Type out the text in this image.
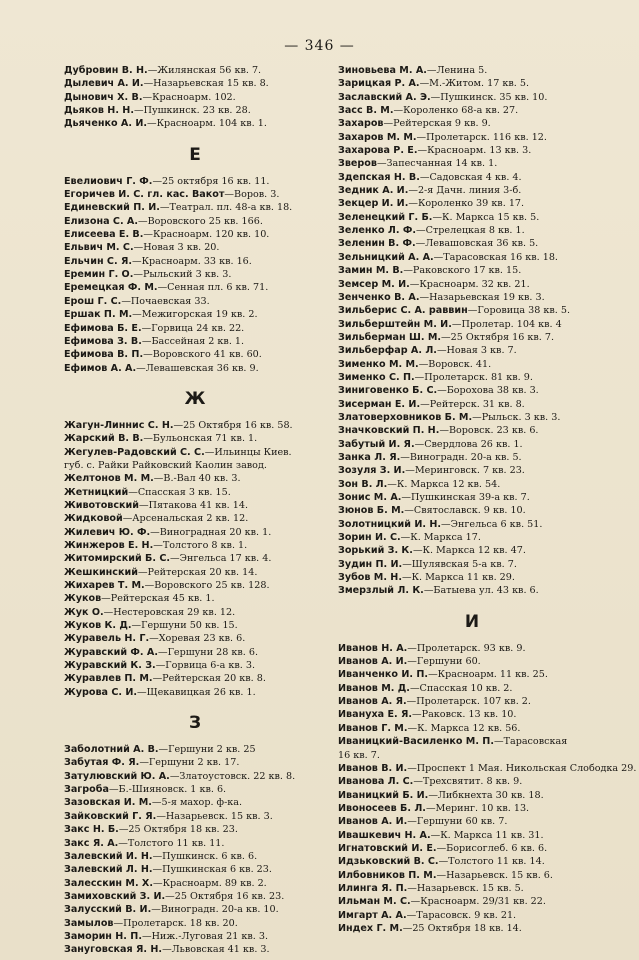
— 346 —
Дубровин В. Н.—Жилянская 56 кв. 7.
Дылевич А. И.—Назарьевская 15 кв. 8.
Дынович Х. В.—Красноарм. 102.
Дьяков Н. Н.—Пушкинск. 23 кв. 28.
Дьяченко А. И.—Красноарм. 104 кв. 1.
Е
Евелиович Г. Ф.—25 октября 16 кв. 11.
Егоричев И. С. гл. кас. Вакот—Воров. 3.
Единевский П. И.—Театрал. пл. 48-а кв. 18.
Елизона С. А.—Воровского 25 кв. 166.
Елисеева Е. В.—Красноарм. 120 кв. 10.
Ельвич М. С.—Новая 3 кв. 20.
Ельчин С. Я.—Красноарм. 33 кв. 16.
Еремин Г. О.—Рыльский 3 кв. 3.
Еремецкая Ф. М.—Сенная пл. 6 кв. 71.
Ерош Г. С.—Почаевская 33.
Ершак П. М.—Межигорская 19 кв. 2.
Ефимова Б. Е.—Горвица 24 кв. 22.
Ефимова З. В.—Бассейная 2 кв. 1.
Ефимова В. П.—Воровского 41 кв. 60.
Ефимов А. А.—Левашевская 36 кв. 9.
Ж
Жагун-Линнис С. Н.—25 Октября 16 кв. 58.
Жарский В. В.—Бульонская 71 кв. 1.
Жегулев-Радовский С. С.—Ильинцы Киев.
губ. с. Райки Райковский Каолин завод.
Желтонов М. М.—В.-Вал 40 кв. 3.
Жетницкий—Спасская 3 кв. 15.
Животовский—Пятакова 41 кв. 14.
Жидковой—Арсенальская 2 кв. 12.
Жилевич Ю. Ф.—Виноградная 20 кв. 1.
Жинжеров Е. Н.—Толстого 8 кв. 1.
Житомирский Б. С.—Энгельса 17 кв. 4.
Жешкинский—Рейтерская 20 кв. 14.
Жихарев Т. М.—Воровского 25 кв. 128.
Жуков—Рейтерская 45 кв. 1.
Жук О.—Нестеровская 29 кв. 12.
Жуков К. Д.—Гершуни 50 кв. 15.
Журавель Н. Г.—Хоревая 23 кв. 6.
Журавский Ф. А.—Гершуни 28 кв. 6.
Журавский К. З.—Горвица 6-а кв. 3.
Журавлев П. М.—Рейтерская 20 кв. 8.
Журова С. И.—Щекавицкая 26 кв. 1.
З
Заболотний А. В.—Гершуни 2 кв. 25
Забутая Ф. Я.—Гершуни 2 кв. 17.
Затулювский Ю. А.—Златоустовск. 22 кв. 8.
Загроба—Б.-Шияновск. 1 кв. 6.
Зазовская И. М.—5-я махор. ф-ка.
Зайковский Г. Я.—Назарьевск. 15 кв. 3.
Закс Н. Б.—25 Октября 18 кв. 23.
Закс Я. А.—Толстого 11 кв. 11.
Залевский И. Н.—Пушкинск. 6 кв. 6.
Залевский Л. Н.—Пушкинская 6 кв. 23.
Залесскин М. Х.—Красноарм. 89 кв. 2.
Замиховский З. И.—25 Октября 16 кв. 23.
Залусский В. И.—Виноградн. 20-а кв. 10.
Замылов—Пролетарск. 18 кв. 20.
Заморин Н. П.—Ниж.-Луговая 21 кв. 3.
Зануговская Я. Н.—Львовская 41 кв. 3.
Зиновьева М. А.—Ленина 5.
Зарицкая Р. А.—М.-Житом. 17 кв. 5.
Заславский А. Э.—Пушкинск. 35 кв. 10.
Засс В. М.—Короленко 68-а кв. 27.
Захаров—Рейтерская 9 кв. 9.
Захаров М. М.—Пролетарск. 116 кв. 12.
Захарова Р. Е.—Красноарм. 13 кв. 3.
Зверов—Запесчанная 14 кв. 1.
Здепская Н. В.—Садовская 4 кв. 4.
Зедник А. И.—2-я Дачн. линия 3-б.
Зекцер И. И.—Короленко 39 кв. 17.
Зеленецкий Г. Б.—К. Маркса 15 кв. 5.
Зеленко Л. Ф.—Стрелецкая 8 кв. 1.
Зеленин В. Ф.—Левашовская 36 кв. 5.
Зельницкий А. А.—Тарасовская 16 кв. 18.
Замин М. В.—Раковского 17 кв. 15.
Земсер М. И.—Красноарм. 32 кв. 21.
Зенченко В. А.—Назарьевская 19 кв. 3.
Зильберис С. А. раввин—Горовица 38 кв. 5.
Зильберштейн М. И.—Пролетар. 104 кв. 4
Зильберман Ш. М.—25 Октября 16 кв. 7.
Зильберфар А. Л.—Новая 3 кв. 7.
Зименко М. М.—Воровск. 41.
Зименко С. П.—Пролетарск. 81 кв. 9.
Зиниговенко Б. С.—Борохова 38 кв. 3.
Зисерман Е. И.—Рейтерск. 31 кв. 8.
Златоверховников Б. М.—Рыльск. 3 кв. 3.
Значковский П. Н.—Воровск. 23 кв. 6.
Забутый И. Я.—Свердлова 26 кв. 1.
Занка Л. Я.—Виноградн. 20-а кв. 5.
Зозуля З. И.—Меринговск. 7 кв. 23.
Зон В. Л.—К. Маркса 12 кв. 54.
Зонис М. А.—Пушкинская 39-а кв. 7.
Зюнов Б. М.—Святославск. 9 кв. 10.
Золотницкий И. Н.—Энгельса 6 кв. 51.
Зорин И. С.—К. Маркса 17.
Зорький З. К.—К. Маркса 12 кв. 47.
Зудин П. И.—Шулявская 5-а кв. 7.
Зубов М. Н.—К. Маркса 11 кв. 29.
Змерзлый Л. К.—Батыева ул. 43 кв. 6.
И
Иванов Н. А.—Пролетарск. 93 кв. 9.
Иванов А. И.—Гершуни 60.
Иванченко И. П.—Красноарм. 11 кв. 25.
Иванов М. Д.—Спасская 10 кв. 2.
Иванов А. Я.—Пролетарск. 107 кв. 2.
Ивануха Е. Я.—Раковск. 13 кв. 10.
Иванов Г. М.—К. Маркса 12 кв. 56.
Иваницкий-Василенко М. П.—Тарасовская
16 кв. 7.
Иванов В. И.—Проспект 1 Мая. Никольская Слободка 29.
Иванова Л. С.—Трехсвятит. 8 кв. 9.
Иваницкий Б. И.—Либкнехта 30 кв. 18.
Ивоносеев Б. Л.—Меринг. 10 кв. 13.
Иванов А. И.—Гершуни 60 кв. 7.
Ивашкевич Н. А.—К. Маркса 11 кв. 31.
Игнатовский И. Е.—Борисоглеб. 6 кв. 6.
Идзьковский В. С.—Толстого 11 кв. 14.
Илбовников П. М.—Назарьевск. 15 кв. 6.
Илинга Я. П.—Назарьевск. 15 кв. 5.
Ильман М. С.—Красноарм. 29/31 кв. 22.
Имгарт А. А.—Тарасовск. 9 кв. 21.
Индех Г. М.—25 Октября 18 кв. 14.
